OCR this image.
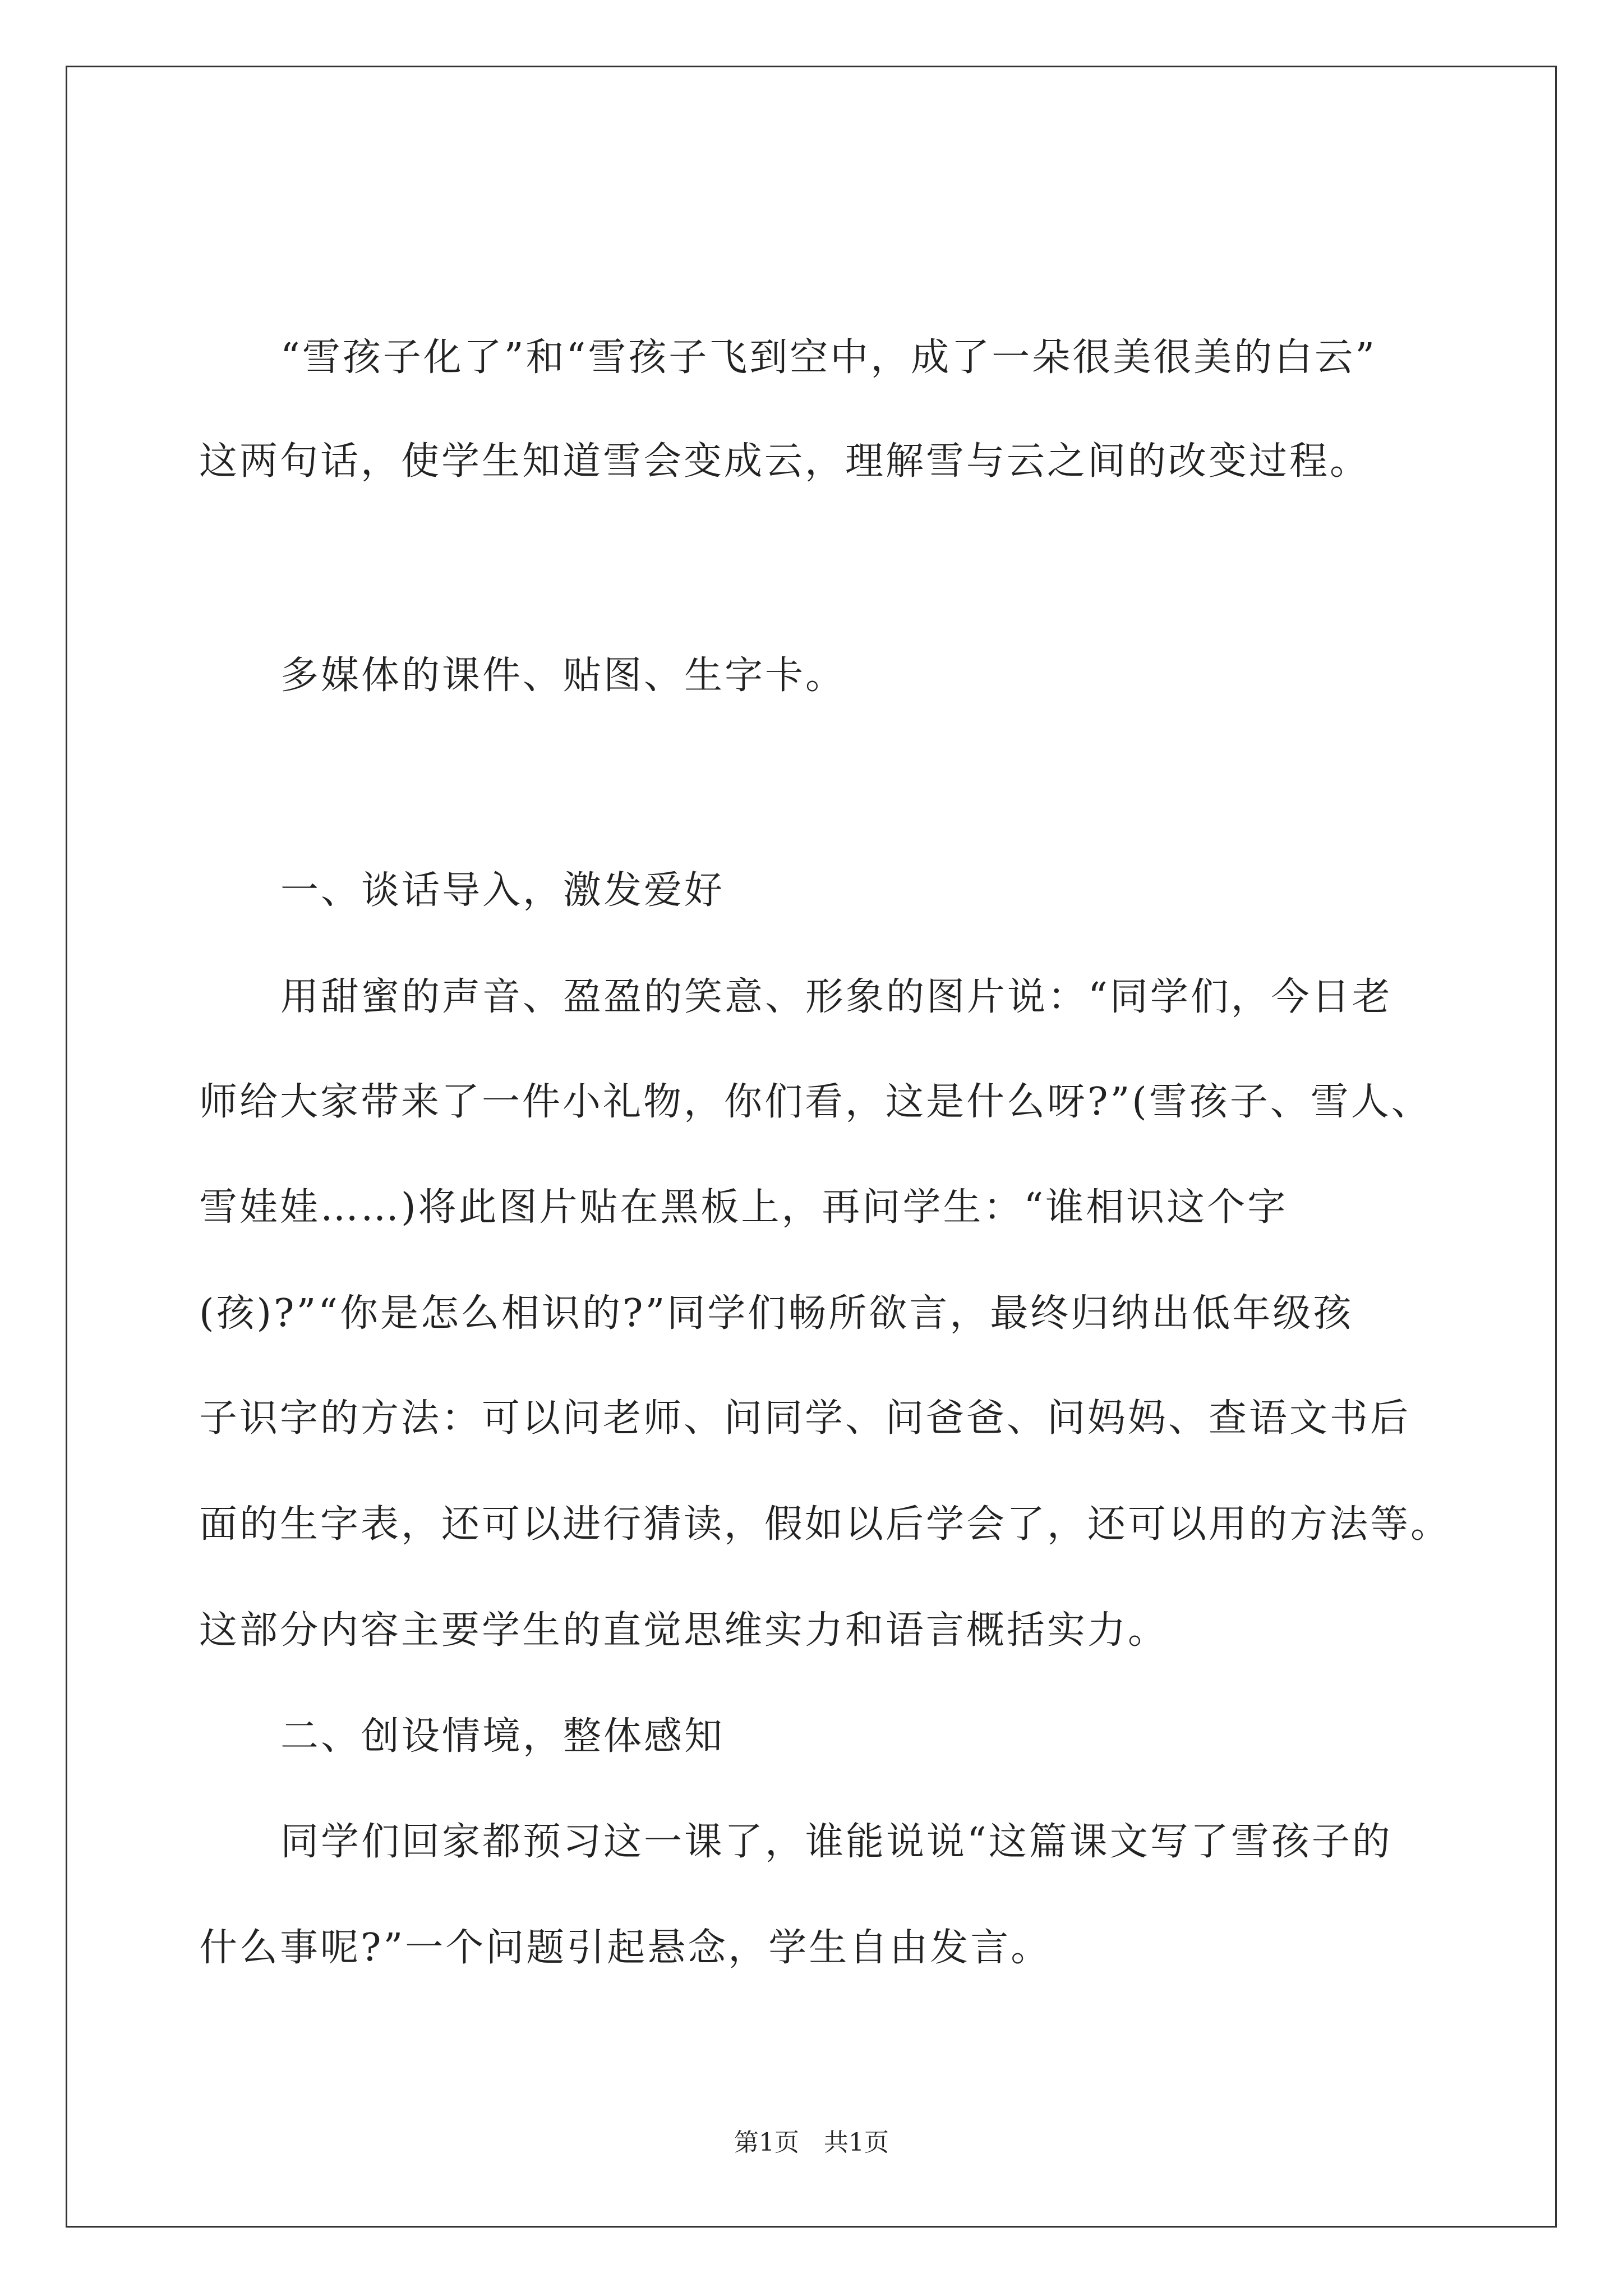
“雪孩子化了”和“雪孩子飞到空中，成了一朵很美很美的白云”
这两句话，使学生知道雪会变成云，理解雪与云之间的改变过程。
多媒体的课件、贴图、生字卡。
一、谈话导入，激发爱好
用甜蜜的声音、盈盈的笑意、形象的图片说：“同学们，今日老
师给大家带来了一件小礼物，你们看，这是什么呀?”(雪孩子、雪人、
雪娃娃……)将此图片贴在黑板上，再问学生：“谁相识这个字
(孩)?”“你是怎么相识的?”同学们畅所欲言，最终归纳出低年级孩
子识字的方法：可以问老师、问同学、问爸爸、问妈妈、查语文书后
面的生字表，还可以进行猜读，假如以后学会了，还可以用的方法等。
这部分内容主要学生的直觉思维实力和语言概括实力。
二、创设情境，整体感知
同学们回家都预习这一课了，谁能说说“这篇课文写了雪孩子的
什么事呢?”一个问题引起悬念，学生自由发言。
第1页　共1页
